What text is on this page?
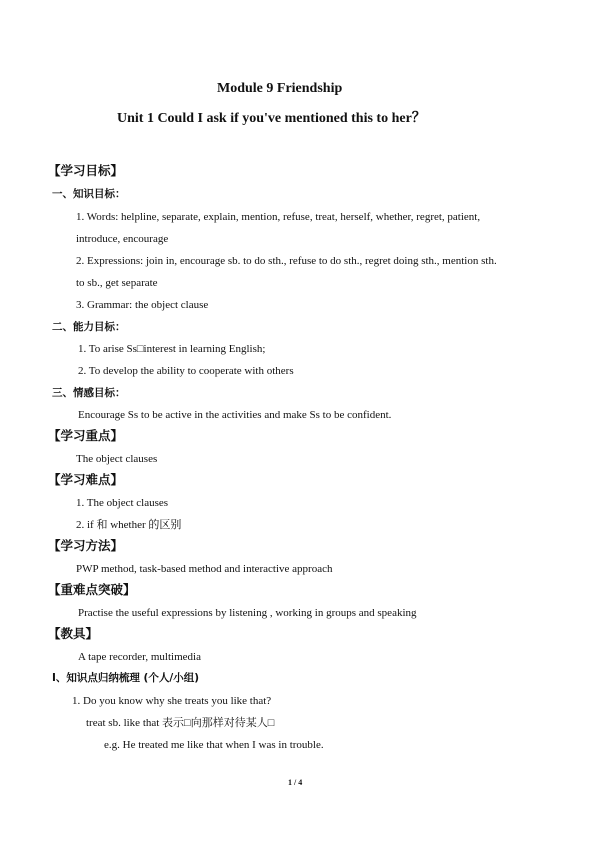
Module 9 Friendship
Unit 1 Could I ask if you've mentioned this to her？
【学习目标】
一、知识目标：
1. Words: helpline, separate, explain, mention, refuse, treat, herself, whether, regret, patient,
introduce, encourage
2. Expressions: join in, encourage sb. to do sth., refuse to do sth., regret doing sth., mention sth.
to sb., get separate
3. Grammar: the object clause
二、能力目标：
1. To arise Ss□interest in learning English;
2. To develop the ability to cooperate with others
三、情感目标：
Encourage Ss to be active in the activities and make Ss to be confident.
【学习重点】
The object clauses
【学习难点】
1. The object clauses
2. if 和 whether 的区别
【学习方法】
PWP method, task-based method and interactive approach
【重难点突破】
Practise the useful expressions by listening , working in groups and speaking
【教具】
A tape recorder, multimedia
Ⅰ、知识点归纳梳理 (个人/小组)
1. Do you know why she treats you like that?
treat sb. like that 表示□向那样对待某人□
e.g. He treated me like that when I was in trouble.
1 / 4
